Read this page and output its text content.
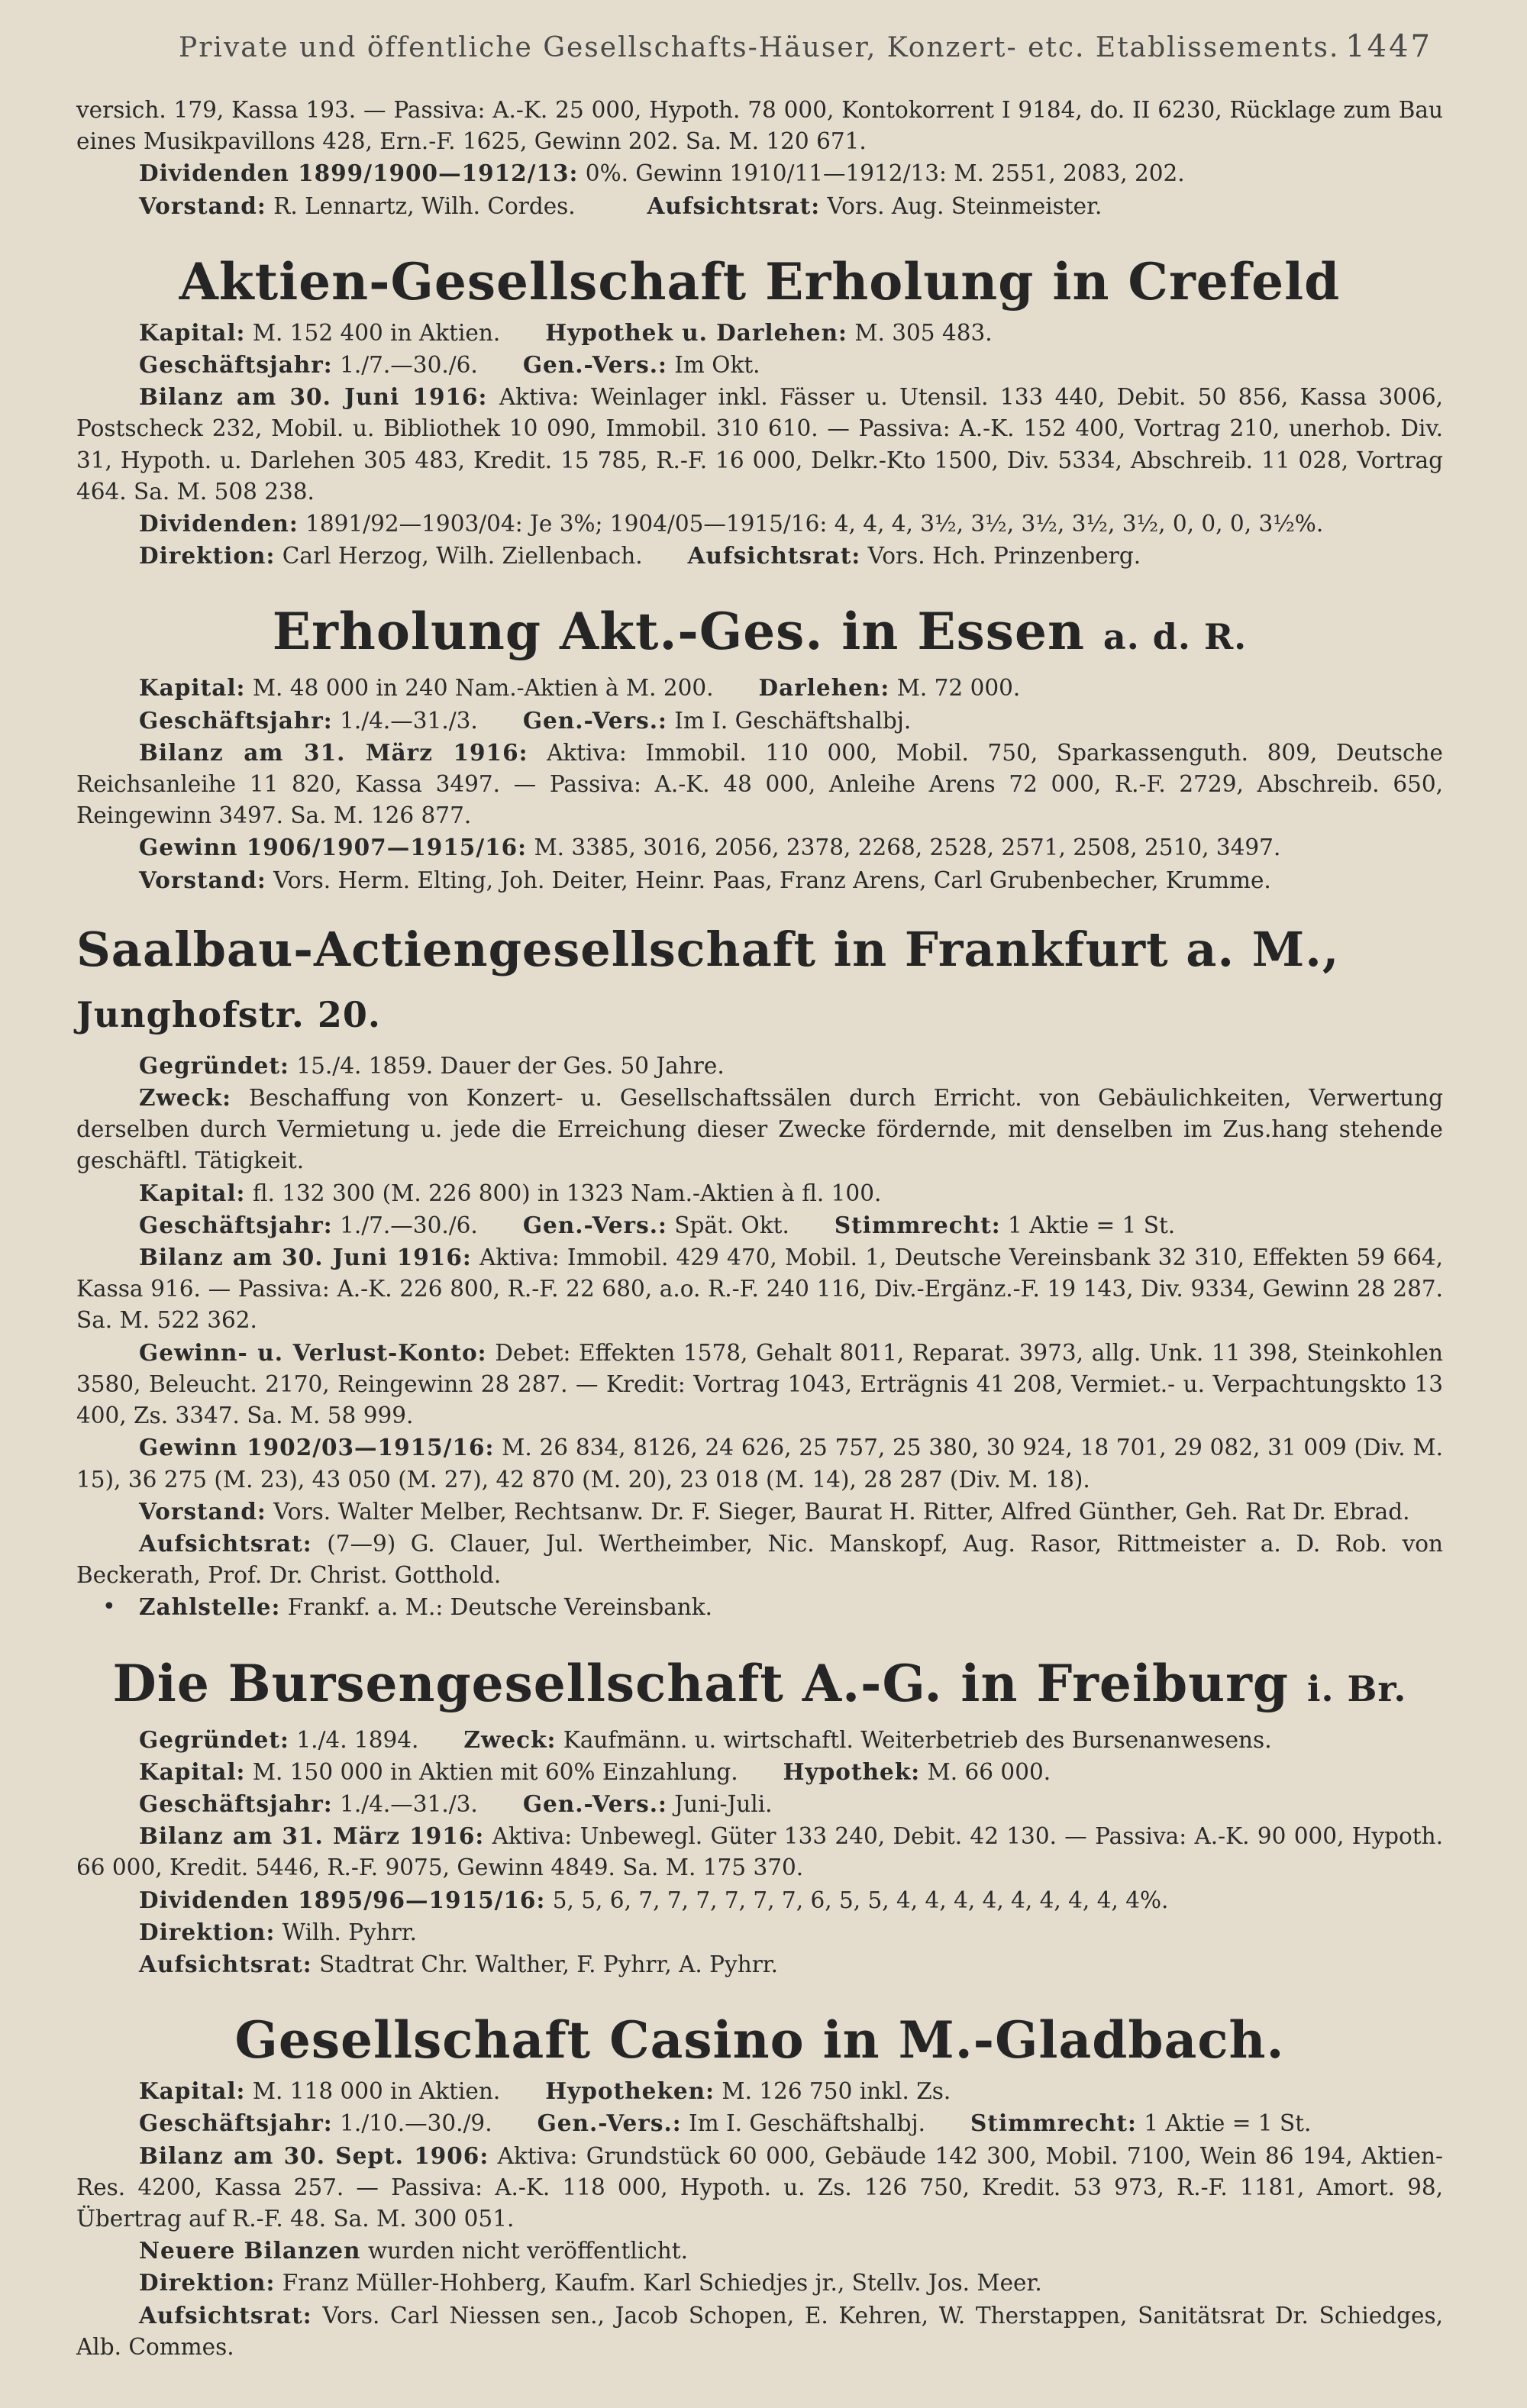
Private und öffentliche Gesellschafts-Häuser, Konzert- etc. Etablissements. 1447

versich. 179, Kassa 193. — Passiva: A.-K. 25 000, Hypoth. 78 000, Kontokorrent I 9184, do. II 6230, Rücklage zum Bau eines Musikpavillons 428, Ern.-F. 1625, Gewinn 202. Sa. M. 120 671.

Dividenden 1899/1900—1912/13: 0%. Gewinn 1910/11—1912/13: M. 2551, 2083, 202.

Vorstand: R. Lennartz, Wilh. Cordes.	Aufsichtsrat: Vors. Aug. Steinmeister.

Aktien-Gesellschaft Erholung in Crefeld

Kapital: M. 152 400 in Aktien.   Hypothek u. Darlehen: M. 305 483.

Geschäftsjahr: 1./7.—30./6.   Gen.-Vers.: Im Okt.

Bilanz am 30. Juni 1916: Aktiva: Weinlager inkl. Fässer u. Utensil. 133 440, Debit. 50 856, Kassa 3006, Postscheck 232, Mobil. u. Bibliothek 10 090, Immobil. 310 610. — Passiva: A.-K. 152 400, Vortrag 210, unerhob. Div. 31, Hypoth. u. Darlehen 305 483, Kredit. 15 785, R.-F. 16 000, Delkr.-Kto 1500, Div. 5334, Abschreib. 11 028, Vortrag 464. Sa. M. 508 238.

Dividenden: 1891/92—1903/04: Je 3%; 1904/05—1915/16: 4, 4, 4, 3½, 3½, 3½, 3½, 3½, 0, 0, 0, 3½%.

Direktion: Carl Herzog, Wilh. Ziellenbach.   Aufsichtsrat: Vors. Hch. Prinzenberg.

Erholung Akt.-Ges. in Essen a. d. R.

Kapital: M. 48 000 in 240 Nam.-Aktien à M. 200.   Darlehen: M. 72 000.

Geschäftsjahr: 1./4.—31./3.   Gen.-Vers.: Im I. Geschäftshalbj.

Bilanz am 31. März 1916: Aktiva: Immobil. 110 000, Mobil. 750, Sparkassenguth. 809, Deutsche Reichsanleihe 11 820, Kassa 3497. — Passiva: A.-K. 48 000, Anleihe Arens 72 000, R.-F. 2729, Abschreib. 650, Reingewinn 3497. Sa. M. 126 877.

Gewinn 1906/1907—1915/16: M. 3385, 3016, 2056, 2378, 2268, 2528, 2571, 2508, 2510, 3497.

Vorstand: Vors. Herm. Elting, Joh. Deiter, Heinr. Paas, Franz Arens, Carl Grubenbecher, Krumme.

Saalbau-Actiengesellschaft in Frankfurt a. M., Junghofstr. 20.

Gegründet: 15./4. 1859. Dauer der Ges. 50 Jahre.

Zweck: Beschaffung von Konzert- u. Gesellschaftssälen durch Erricht. von Gebäulichkeiten, Verwertung derselben durch Vermietung u. jede die Erreichung dieser Zwecke fördernde, mit denselben im Zus.hang stehende geschäftl. Tätigkeit.

Kapital: fl. 132 300 (M. 226 800) in 1323 Nam.-Aktien à fl. 100.

Geschäftsjahr: 1./7.—30./6.   Gen.-Vers.: Spät. Okt.   Stimmrecht: 1 Aktie = 1 St.

Bilanz am 30. Juni 1916: Aktiva: Immobil. 429 470, Mobil. 1, Deutsche Vereinsbank 32 310, Effekten 59 664, Kassa 916. — Passiva: A.-K. 226 800, R.-F. 22 680, a.o. R.-F. 240 116, Div.-Ergänz.-F. 19 143, Div. 9334, Gewinn 28 287. Sa. M. 522 362.

Gewinn- u. Verlust-Konto: Debet: Effekten 1578, Gehalt 8011, Reparat. 3973, allg. Unk. 11 398, Steinkohlen 3580, Beleucht. 2170, Reingewinn 28 287. — Kredit: Vortrag 1043, Erträgnis 41 208, Vermiet.- u. Verpachtungskto 13 400, Zs. 3347. Sa. M. 58 999.

Gewinn 1902/03—1915/16: M. 26 834, 8126, 24 626, 25 757, 25 380, 30 924, 18 701, 29 082, 31 009 (Div. M. 15), 36 275 (M. 23), 43 050 (M. 27), 42 870 (M. 20), 23 018 (M. 14), 28 287 (Div. M. 18).

Vorstand: Vors. Walter Melber, Rechtsanw. Dr. F. Sieger, Baurat H. Ritter, Alfred Günther, Geh. Rat Dr. Ebrad.

Aufsichtsrat: (7—9) G. Clauer, Jul. Wertheimber, Nic. Manskopf, Aug. Rasor, Rittmeister a. D. Rob. von Beckerath, Prof. Dr. Christ. Gotthold.

• Zahlstelle: Frankf. a. M.: Deutsche Vereinsbank.

Die Bursengesellschaft A.-G. in Freiburg i. Br.

Gegründet: 1./4. 1894.   Zweck: Kaufmänn. u. wirtschaftl. Weiterbetrieb des Bursenanwesens.

Kapital: M. 150 000 in Aktien mit 60% Einzahlung.   Hypothek: M. 66 000.

Geschäftsjahr: 1./4.—31./3.   Gen.-Vers.: Juni-Juli.

Bilanz am 31. März 1916: Aktiva: Unbewegl. Güter 133 240, Debit. 42 130. — Passiva: A.-K. 90 000, Hypoth. 66 000, Kredit. 5446, R.-F. 9075, Gewinn 4849. Sa. M. 175 370.

Dividenden 1895/96—1915/16: 5, 5, 6, 7, 7, 7, 7, 7, 7, 6, 5, 5, 4, 4, 4, 4, 4, 4, 4, 4, 4%.

Direktion: Wilh. Pyhrr.

Aufsichtsrat: Stadtrat Chr. Walther, F. Pyhrr, A. Pyhrr.

Gesellschaft Casino in M.-Gladbach.

Kapital: M. 118 000 in Aktien.   Hypotheken: M. 126 750 inkl. Zs.

Geschäftsjahr: 1./10.—30./9.   Gen.-Vers.: Im I. Geschäftshalbj.   Stimmrecht: 1 Aktie = 1 St.

Bilanz am 30. Sept. 1906: Aktiva: Grundstück 60 000, Gebäude 142 300, Mobil. 7100, Wein 86 194, Aktien-Res. 4200, Kassa 257. — Passiva: A.-K. 118 000, Hypoth. u. Zs. 126 750, Kredit. 53 973, R.-F. 1181, Amort. 98, Übertrag auf R.-F. 48. Sa. M. 300 051.

Neuere Bilanzen wurden nicht veröffentlicht.

Direktion: Franz Müller-Hohberg, Kaufm. Karl Schiedjes jr., Stellv. Jos. Meer.

Aufsichtsrat: Vors. Carl Niessen sen., Jacob Schopen, E. Kehren, W. Therstappen, Sanitätsrat Dr. Schiedges, Alb. Commes.
